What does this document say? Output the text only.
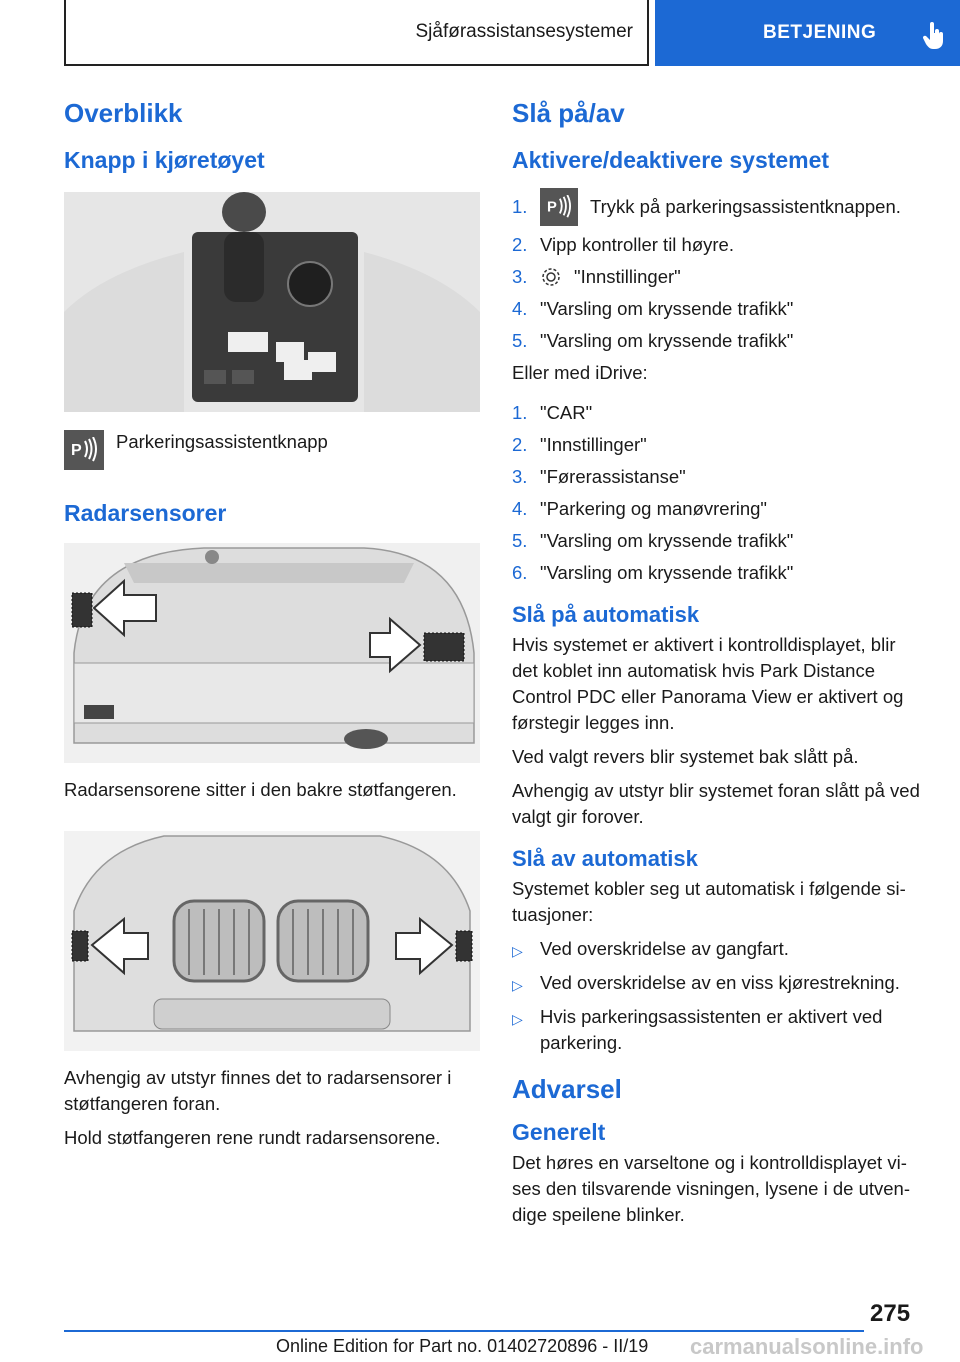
Sjåførassistansesystemer	BETJENING
Overblikk
Knapp i kjøretøyet
P Parkeringsassistentknapp
Radarsensorer

Radarsensorene sitter i den bakre støtfangeren.

Avhengig av utstyr finnes det to radarsensorer i støtfangeren foran.

Hold støtfangeren rene rundt radarsensorene.

Slå på/av
Aktivere/deaktivere systemet
1.	P Trykk på parkeringsassistentknappen.
2. Vipp kontroller til høyre.
3.	"Innstillinger"
4. "Varsling om kryssende trafikk"
5. "Varsling om kryssende trafikk"

Eller med iDrive:

1. "CAR"
2. "Innstillinger"
3. "Førerassistanse"
4. "Parkering og manøvrering"
5. "Varsling om kryssende trafikk"
6. "Varsling om kryssende trafikk"
Slå på automatisk

Hvis systemet er aktivert i kontrolldisplayet, blir det koblet inn automatisk hvis Park Distance Control PDC eller Panorama View er aktivert og førstegir legges inn.

Ved valgt revers blir systemet bak slått på.

Avhengig av utstyr blir systemet foran slått på ved valgt gir forover.

Slå av automatisk

Systemet kobler seg ut automatisk i følgende si-tuasjoner:

▷ Ved overskridelse av gangfart.
▷ Ved overskridelse av en viss kjørestrekning.
▷ Hvis parkeringsassistenten er aktivert ved parkering.
Advarsel
Generelt

Det høres en varseltone og i kontrolldisplayet vi-ses den tilsvarende visningen, lysene i de utven-dige speilene blinker.

275
Online Edition for Part no. 01402720896 - II/19 carmanualsonline.info
